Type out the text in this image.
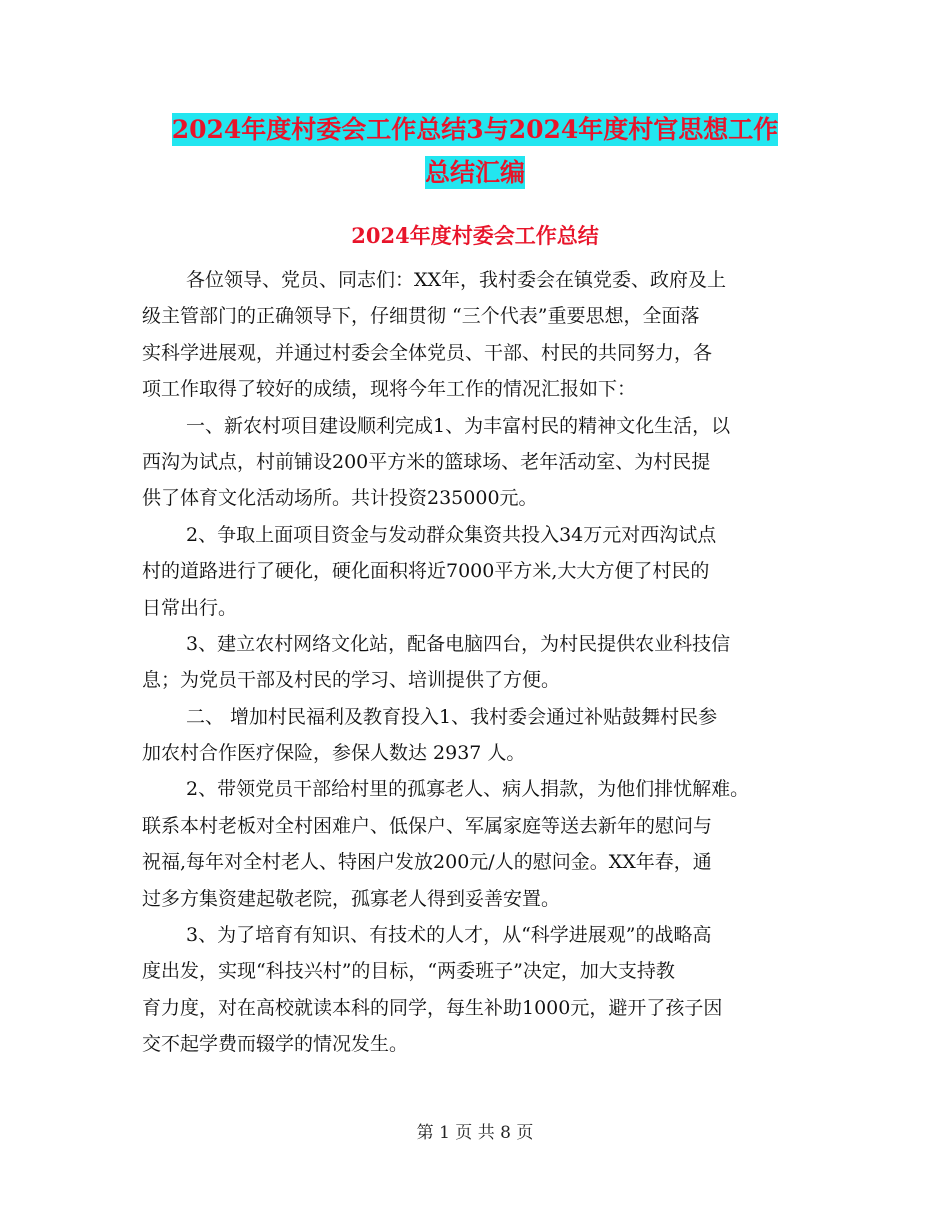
2024年度村委会工作总结3与2024年度村官思想工作
总结汇编
2024年度村委会工作总结
各位领导、党员、同志们：XX年，我村委会在镇党委、政府及上
级主管部门的正确领导下，仔细贯彻 “三个代表”重要思想，全面落
实科学进展观，并通过村委会全体党员、干部、村民的共同努力，各
项工作取得了较好的成绩，现将今年工作的情况汇报如下：
一、新农村项目建设顺利完成1、为丰富村民的精神文化生活，以
西沟为试点，村前铺设200平方米的篮球场、老年活动室、为村民提
供了体育文化活动场所。共计投资235000元。
2、争取上面项目资金与发动群众集资共投入34万元对西沟试点
村的道路进行了硬化，硬化面积将近7000平方米,大大方便了村民的
日常出行。
3、建立农村网络文化站，配备电脑四台，为村民提供农业科技信
息；为党员干部及村民的学习、培训提供了方便。
二、 增加村民福利及教育投入1、我村委会通过补贴鼓舞村民参
加农村合作医疗保险，参保人数达 2937 人。
2、带领党员干部给村里的孤寡老人、病人捐款，为他们排忧解难。
联系本村老板对全村困难户、低保户、军属家庭等送去新年的慰问与
祝福,每年对全村老人、特困户发放200元/人的慰问金。XX年春，通
过多方集资建起敬老院，孤寡老人得到妥善安置。
3、为了培育有知识、有技术的人才，从“科学进展观”的战略高
度出发，实现“科技兴村”的目标，“两委班子”决定，加大支持教
育力度，对在高校就读本科的同学，每生补助1000元，避开了孩子因
交不起学费而辍学的情况发生。
第 1 页 共 8 页
